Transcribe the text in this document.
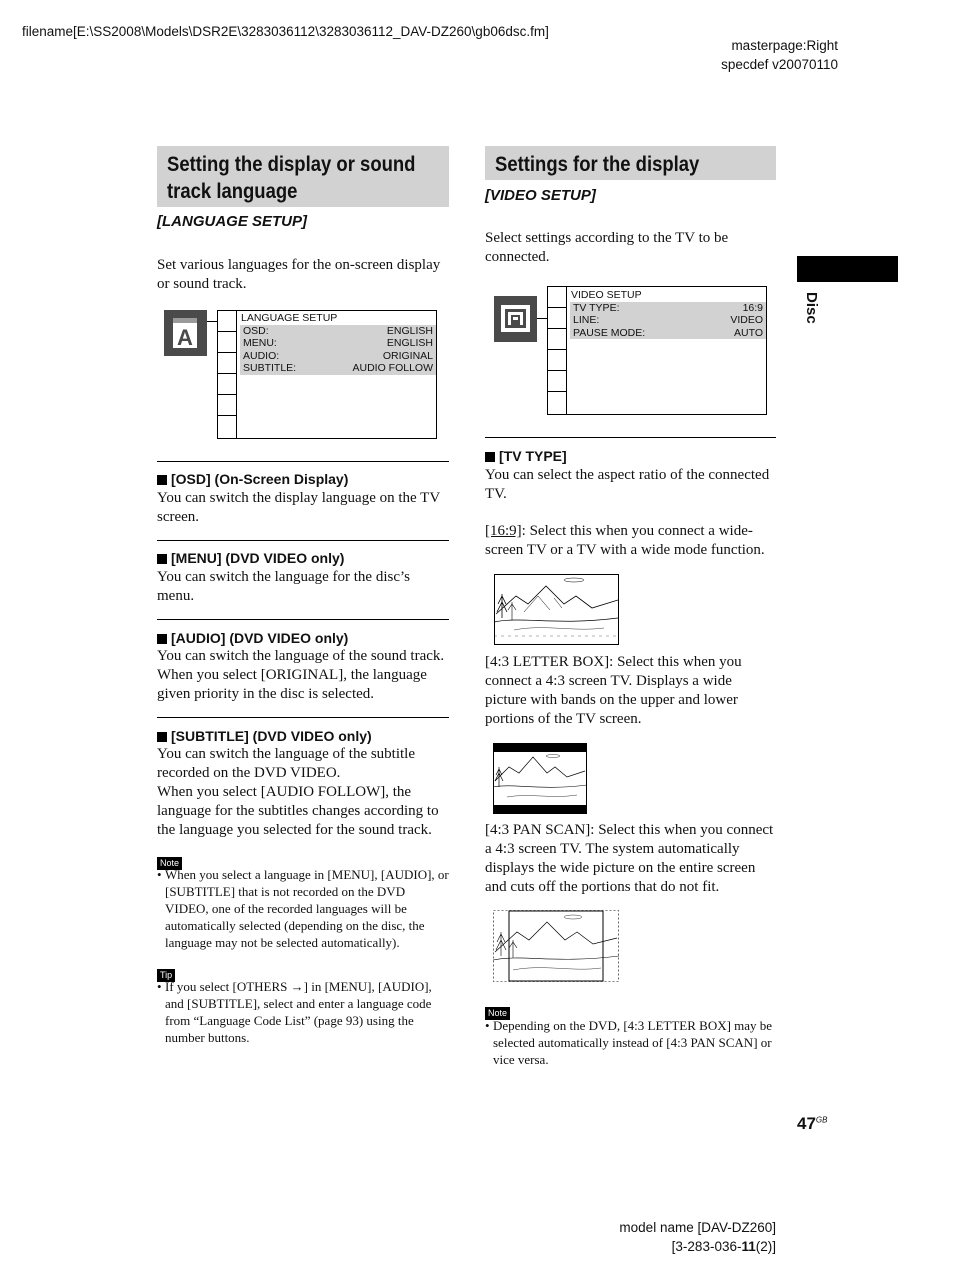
filename[E:\SS2008\Models\DSR2E\3283036112\3283036112_DAV-DZ260\gb06dsc.fm]
masterpage:Right
specdef v20070110
Disc
Setting the display or sound
track language
[LANGUAGE SETUP]
Set various languages for the on-screen display or sound track.
A
LANGUAGE SETUP
OSD:	ENGLISH
MENU:	ENGLISH
AUDIO:	ORIGINAL
SUBTITLE:	AUDIO FOLLOW
[OSD] (On-Screen Display)
You can switch the display language on the TV screen.
[MENU] (DVD VIDEO only)
You can switch the language for the disc’s menu.
[AUDIO] (DVD VIDEO only)
You can switch the language of the sound track. When you select [ORIGINAL], the language given priority in the disc is selected.
[SUBTITLE] (DVD VIDEO only)
You can switch the language of the subtitle recorded on the DVD VIDEO.
When you select [AUDIO FOLLOW], the language for the subtitles changes according to the language you selected for the sound track.
Note
• When you select a language in [MENU], [AUDIO], or [SUBTITLE] that is not recorded on the DVD VIDEO, one of the recorded languages will be automatically selected (depending on the disc, the language may not be selected automatically).
Tip
• If you select [OTHERS →] in [MENU], [AUDIO], and [SUBTITLE], select and enter a language code from “Language Code List” (page 93) using the number buttons.
Settings for the display
[VIDEO SETUP]
Select settings according to the TV to be connected.
VIDEO SETUP
TV TYPE:	16:9
LINE:	VIDEO
PAUSE MODE:	AUTO
[TV TYPE]
You can select the aspect ratio of the connected TV.
[16:9]: Select this when you connect a wide-screen TV or a TV with a wide mode function.
[4:3 LETTER BOX]: Select this when you connect a 4:3 screen TV. Displays a wide picture with bands on the upper and lower portions of the TV screen.
[4:3 PAN SCAN]: Select this when you connect a 4:3 screen TV. The system automatically displays the wide picture on the entire screen and cuts off the portions that do not fit.
Note
• Depending on the DVD, [4:3 LETTER BOX] may be selected automatically instead of [4:3 PAN SCAN] or vice versa.
$47^{GB}$
model name [DAV-DZ260]
[3-283-036-11(2)]
